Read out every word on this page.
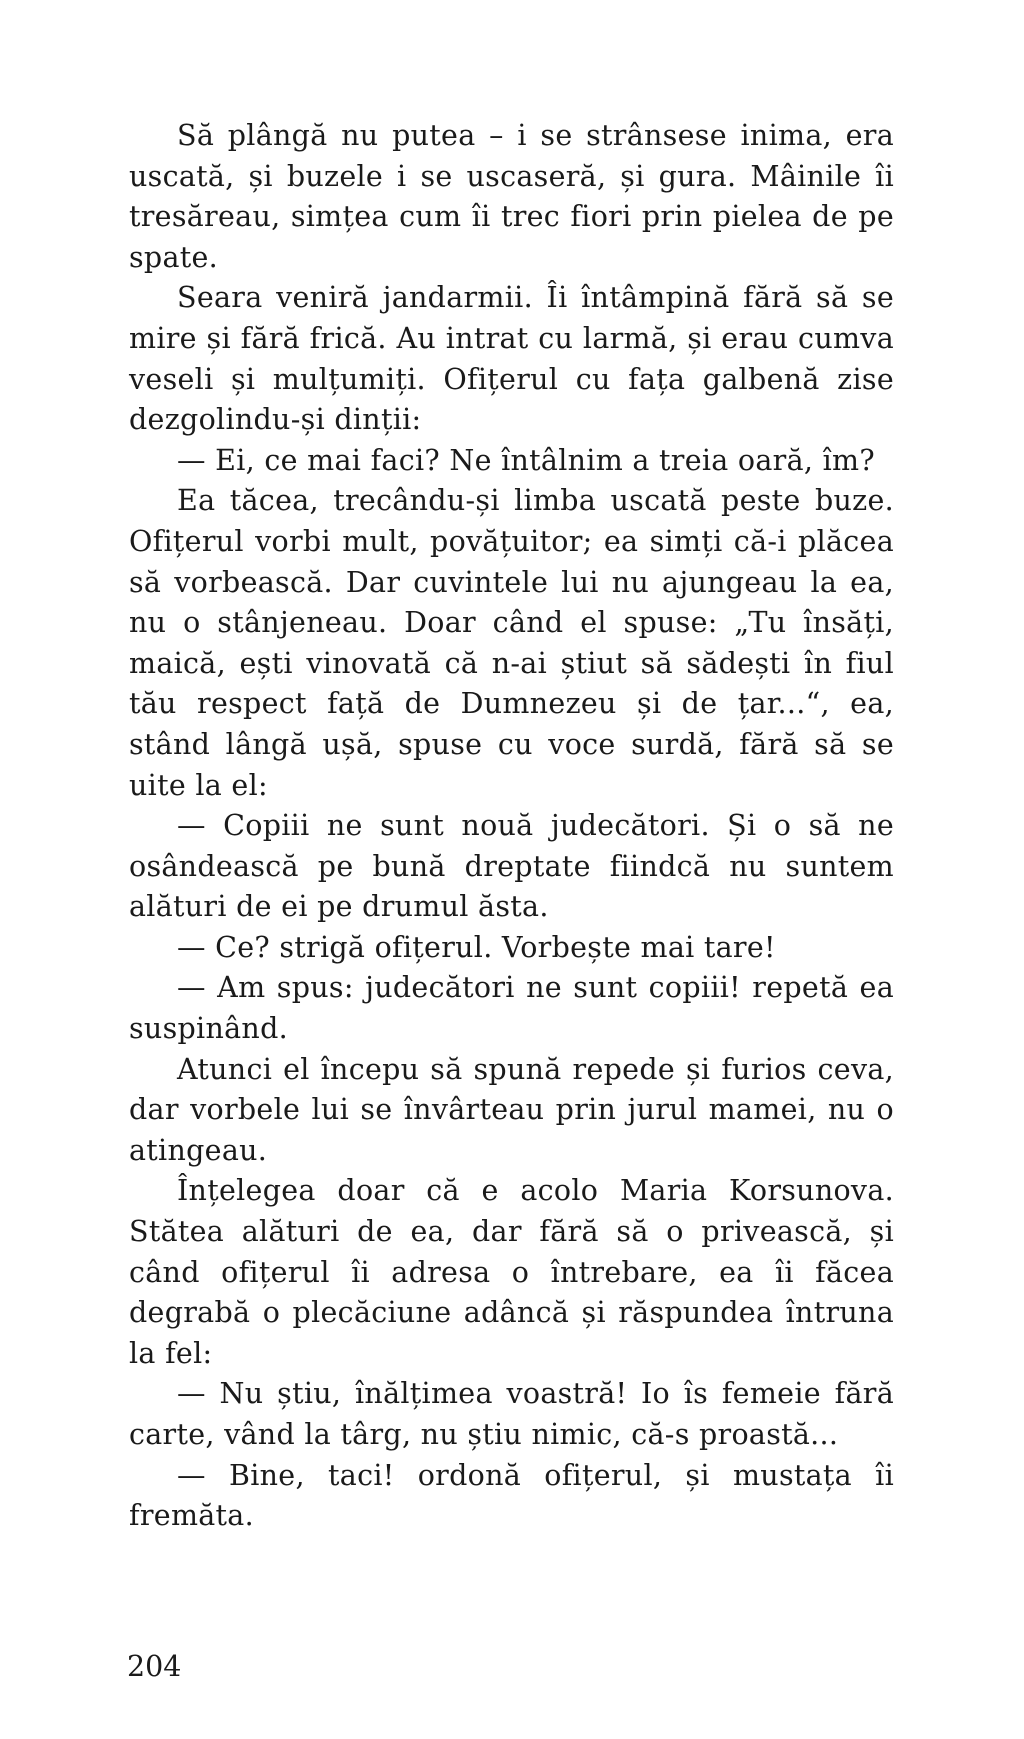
Să plângă nu putea – i se strânsese inima, era uscată, și buzele i se uscaseră, și gura. Mâinile îi tresăreau, simțea cum îi trec fiori prin pielea de pe spate.

Seara veniră jandarmii. Îi întâmpină fără să se mire și fără frică. Au intrat cu larmă, și erau cumva veseli și mulțumiți. Ofițerul cu fața galbenă zise dezgolindu-și dinții:

— Ei, ce mai faci? Ne întâlnim a treia oară, îm?

Ea tăcea, trecându-și limba uscată peste buze. Ofițerul vorbi mult, povățuitor; ea simți că-i plăcea să vorbească. Dar cuvintele lui nu ajungeau la ea, nu o stânjeneau. Doar când el spuse: „Tu însăți, maică, ești vinovată că n-ai știut să sădești în fiul tău respect față de Dumnezeu și de țar...“, ea, stând lângă ușă, spuse cu voce surdă, fără să se uite la el:

— Copiii ne sunt nouă judecători. Și o să ne osândească pe bună dreptate fiindcă nu suntem alături de ei pe drumul ăsta.

— Ce? strigă ofițerul. Vorbește mai tare!

— Am spus: judecători ne sunt copiii! repetă ea suspinând.

Atunci el începu să spună repede și furios ceva, dar vorbele lui se învârteau prin jurul mamei, nu o atingeau.

Înțelegea doar că e acolo Maria Korsunova. Stătea alături de ea, dar fără să o privească, și când ofițerul îi adresa o întrebare, ea îi făcea degrabă o plecăciune adâncă și răspundea întruna la fel:

— Nu știu, înălțimea voastră! Io îs femeie fără carte, vând la târg, nu știu nimic, că-s proastă...

— Bine, taci! ordonă ofițerul, și mustața îi fremăta.

204
